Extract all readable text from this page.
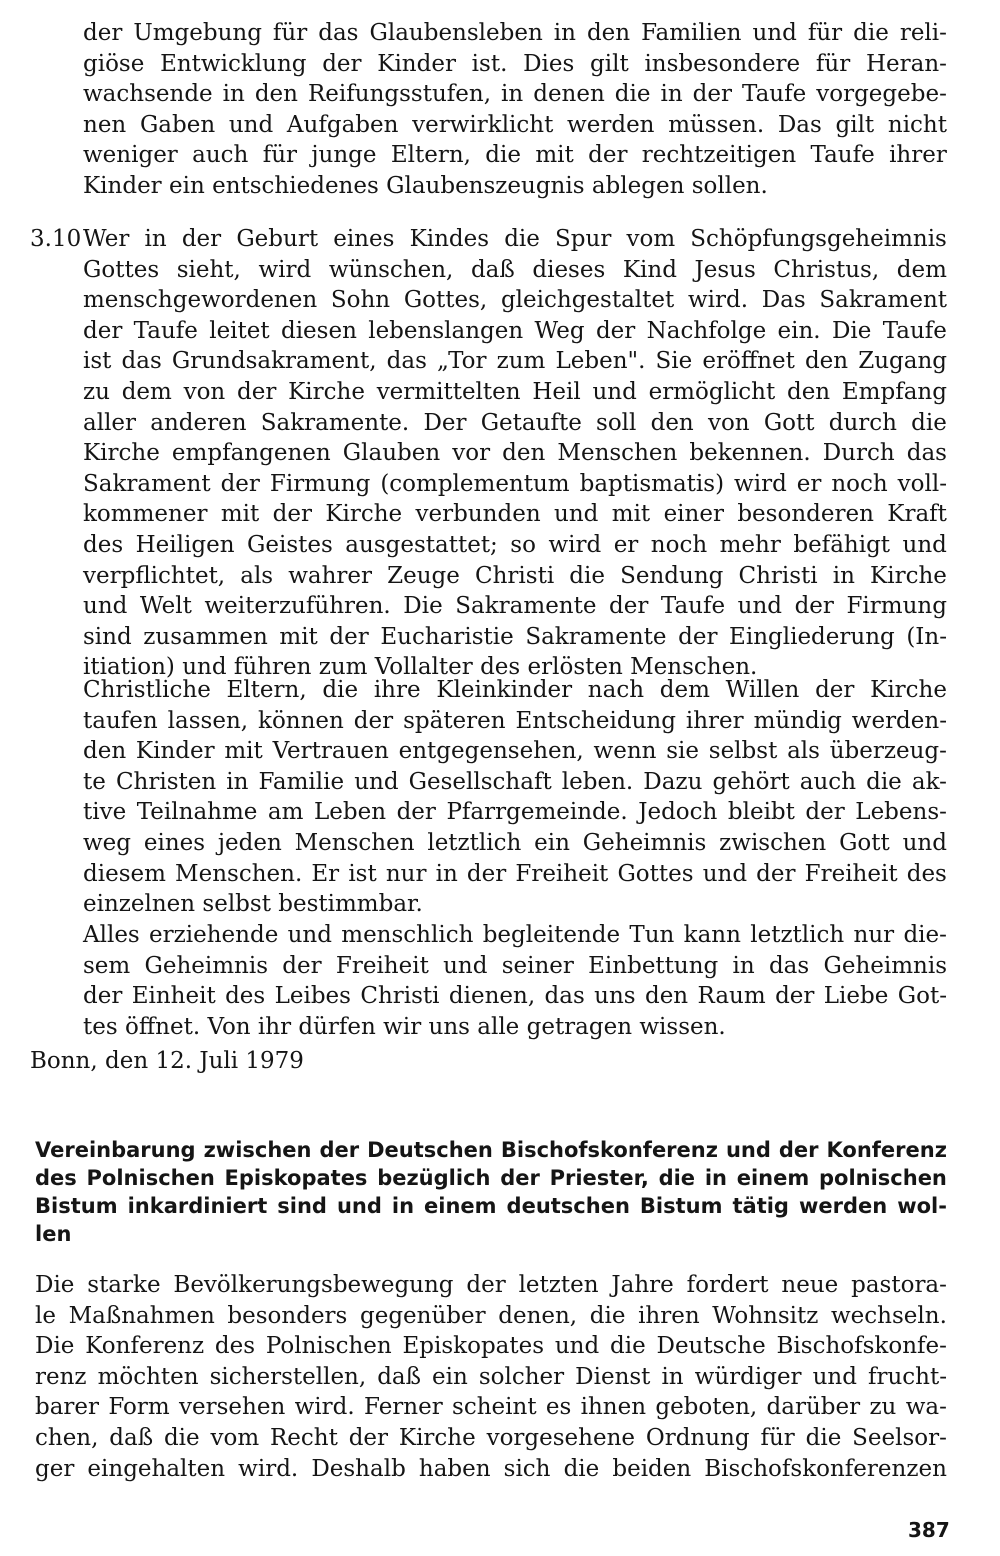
der Umgebung für das Glaubensleben in den Familien und für die reli-
giöse Entwicklung der Kinder ist. Dies gilt insbesondere für Heran-
wachsende in den Reifungsstufen, in denen die in der Taufe vorgegebe-
nen Gaben und Aufgaben verwirklicht werden müssen. Das gilt nicht
weniger auch für junge Eltern, die mit der rechtzeitigen Taufe ihrer
Kinder ein entschiedenes Glaubenszeugnis ablegen sollen.
Wer in der Geburt eines Kindes die Spur vom Schöpfungsgeheimnis
Gottes sieht, wird wünschen, daß dieses Kind Jesus Christus, dem
menschgewordenen Sohn Gottes, gleichgestaltet wird. Das Sakrament
der Taufe leitet diesen lebenslangen Weg der Nachfolge ein. Die Taufe
ist das Grundsakrament, das „Tor zum Leben". Sie eröffnet den Zugang
zu dem von der Kirche vermittelten Heil und ermöglicht den Empfang
aller anderen Sakramente. Der Getaufte soll den von Gott durch die
Kirche empfangenen Glauben vor den Menschen bekennen. Durch das
Sakrament der Firmung (complementum baptismatis) wird er noch voll-
kommener mit der Kirche verbunden und mit einer besonderen Kraft
des Heiligen Geistes ausgestattet; so wird er noch mehr befähigt und
verpflichtet, als wahrer Zeuge Christi die Sendung Christi in Kirche
und Welt weiterzuführen. Die Sakramente der Taufe und der Firmung
sind zusammen mit der Eucharistie Sakramente der Eingliederung (In-
itiation) und führen zum Vollalter des erlösten Menschen.
Christliche Eltern, die ihre Kleinkinder nach dem Willen der Kirche
taufen lassen, können der späteren Entscheidung ihrer mündig werden-
den Kinder mit Vertrauen entgegensehen, wenn sie selbst als überzeug-
te Christen in Familie und Gesellschaft leben. Dazu gehört auch die ak-
tive Teilnahme am Leben der Pfarrgemeinde. Jedoch bleibt der Lebens-
weg eines jeden Menschen letztlich ein Geheimnis zwischen Gott und
diesem Menschen. Er ist nur in der Freiheit Gottes und der Freiheit des
einzelnen selbst bestimmbar.
Alles erziehende und menschlich begleitende Tun kann letztlich nur die-
sem Geheimnis der Freiheit und seiner Einbettung in das Geheimnis
der Einheit des Leibes Christi dienen, das uns den Raum der Liebe Got-
tes öffnet. Von ihr dürfen wir uns alle getragen wissen.
Vereinbarung zwischen der Deutschen Bischofskonferenz und der Konferenz
des Polnischen Episkopates bezüglich der Priester, die in einem polnischen
Bistum inkardiniert sind und in einem deutschen Bistum tätig werden wol-
len
Die starke Bevölkerungsbewegung der letzten Jahre fordert neue pastora-
le Maßnahmen besonders gegenüber denen, die ihren Wohnsitz wechseln.
Die Konferenz des Polnischen Episkopates und die Deutsche Bischofskonfe-
renz möchten sicherstellen, daß ein solcher Dienst in würdiger und frucht-
barer Form versehen wird. Ferner scheint es ihnen geboten, darüber zu wa-
chen, daß die vom Recht der Kirche vorgesehene Ordnung für die Seelsor-
ger eingehalten wird. Deshalb haben sich die beiden Bischofskonferenzen
Bonn, den 12. Juli 1979
3.10
387
